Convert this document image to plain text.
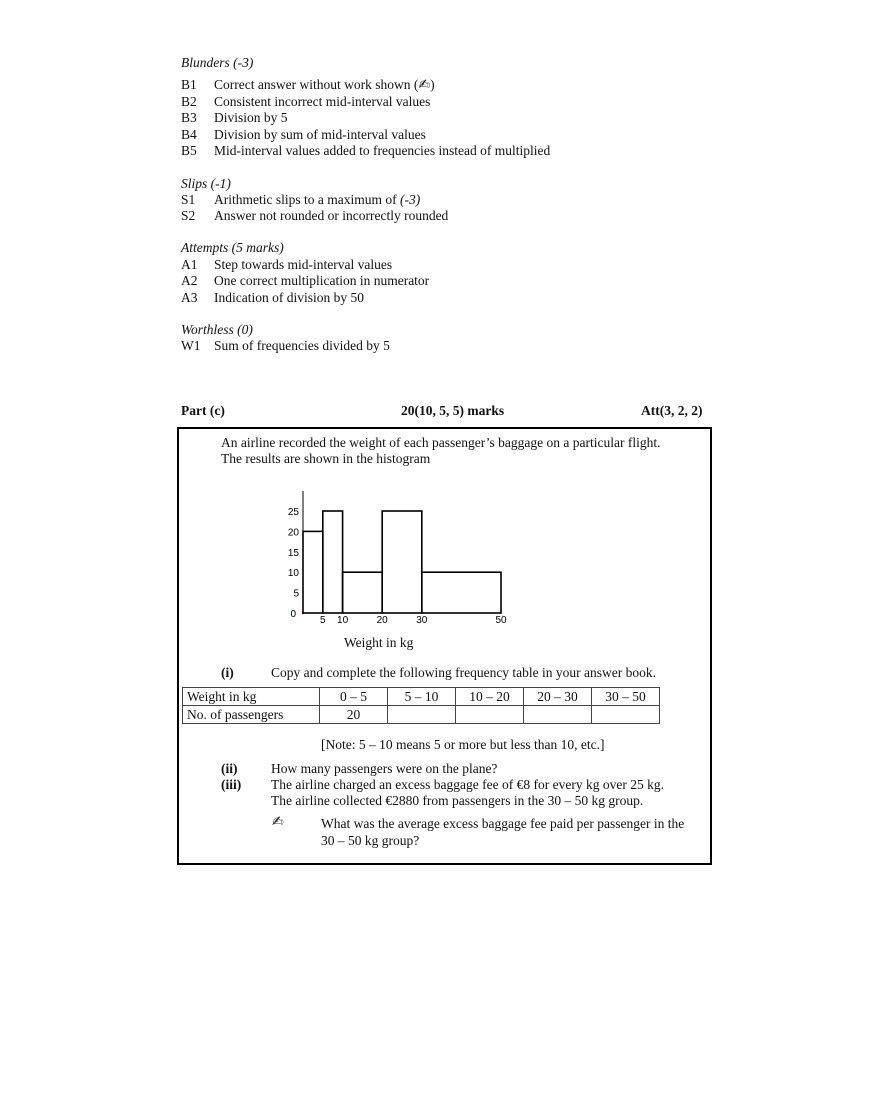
Blunders (-3)
B1 Correct answer without work shown (✍)
B2 Consistent incorrect mid-interval values
B3 Division by 5
B4 Division by sum of mid-interval values
B5 Mid-interval values added to frequencies instead of multiplied
Slips (-1)
S1 Arithmetic slips to a maximum of (-3)
S2 Answer not rounded or incorrectly rounded
Attempts (5 marks)
A1 Step towards mid-interval values
A2 One correct multiplication in numerator
A3 Indication of division by 50
Worthless (0)
W1 Sum of frequencies divided by 5
Part (c)	20(10, 5, 5) marks	Att(3, 2, 2)
An airline recorded the weight of each passenger’s baggage on a particular flight.
The results are shown in the histogram
0
5
10
15
20
25
5 10	20	30	50
Weight in kg
(i)	Copy and complete the following frequency table in your answer book.
Weight in kg	0 – 5	5 – 10	10 – 20	20 – 30	30 – 50
No. of passengers	20				
[Note: 5 – 10 means 5 or more but less than 10, etc.]
(ii) How many passengers were on the plane?
(iii) The airline charged an excess baggage fee of €8 for every kg over 25 kg.
The airline collected €2880 from passengers in the 30 – 50 kg group.
✍	What was the average excess baggage fee paid per passenger in the
30 – 50 kg group?
